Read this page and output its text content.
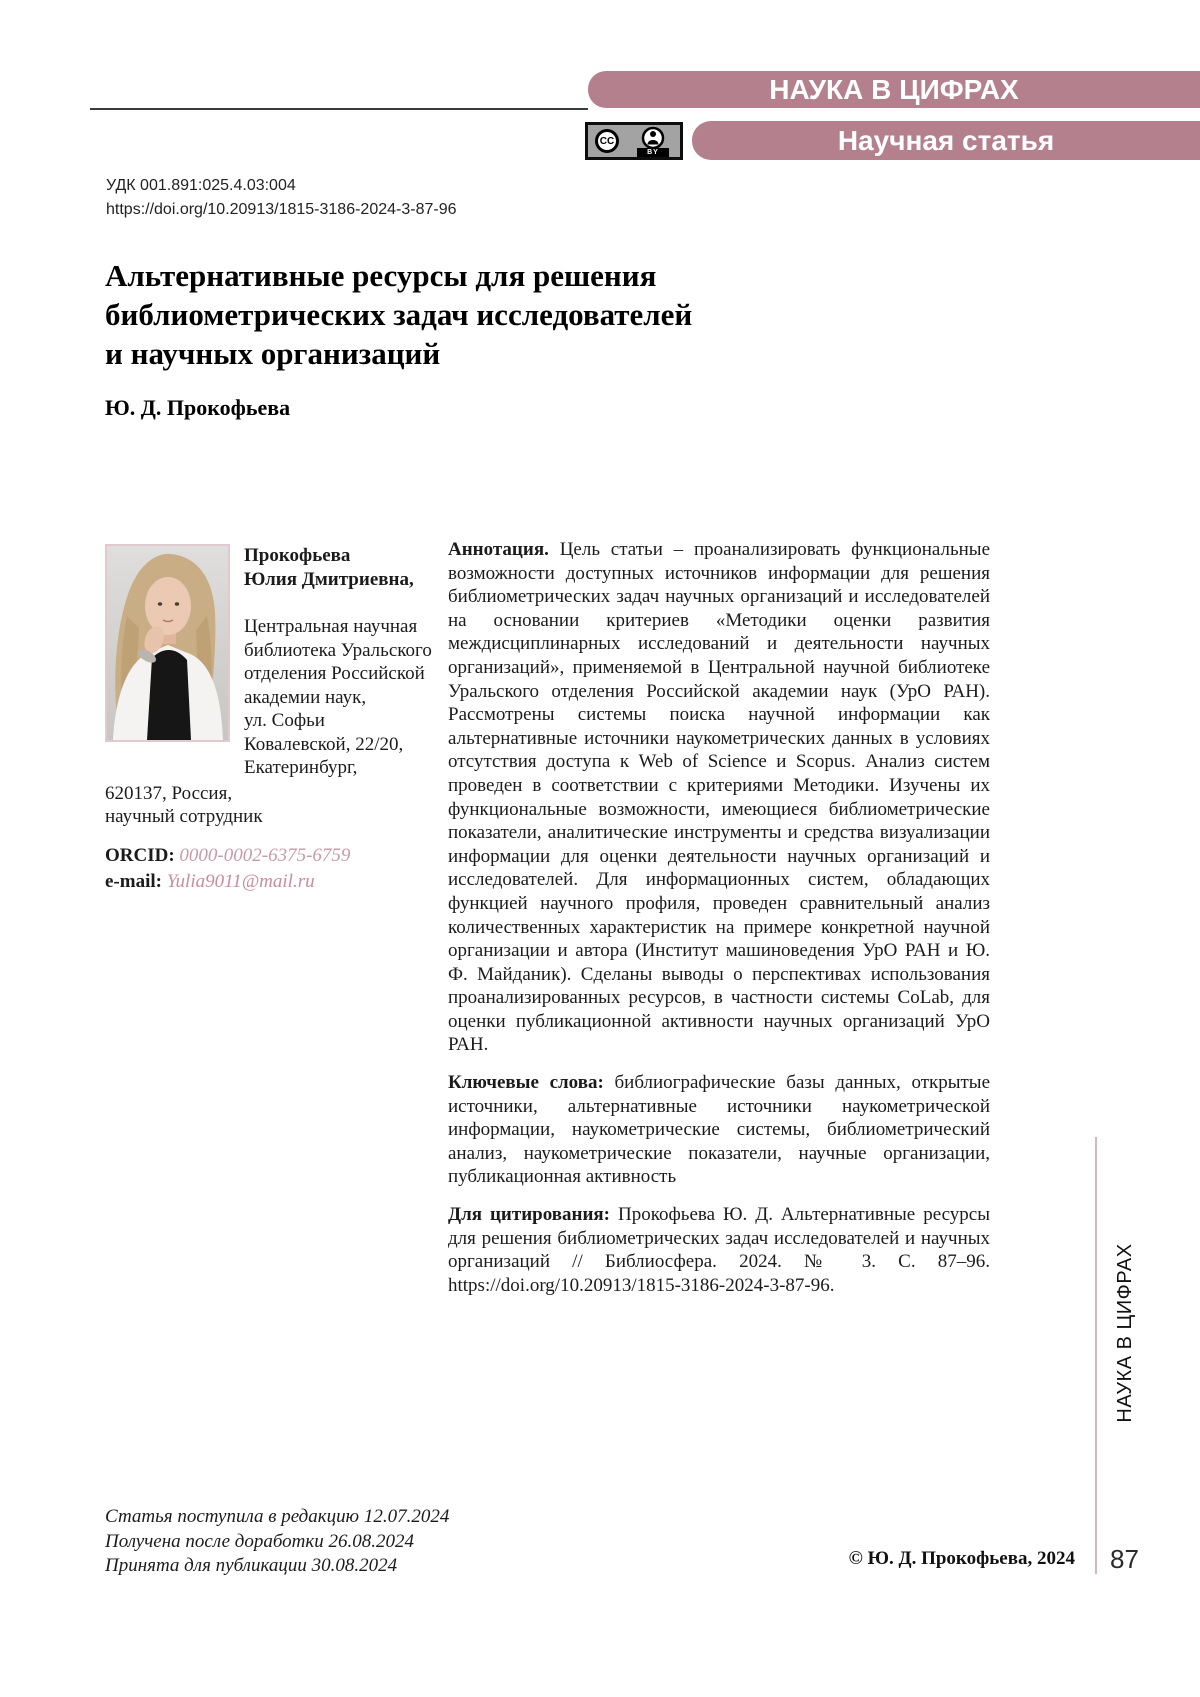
НАУКА В ЦИФРАХ
CC
BY	Научная статья
УДК 001.891:025.4.03:004
https://doi.org/10.20913/1815-3186-2024-3-87-96
Альтернативные ресурсы для решения
библиометрических задач исследователей
и научных организаций
Ю. Д. Прокофьева
Прокофьева
Юлия Дмитриевна,
Центральная научная
библиотека Уральского
отделения Российской
академии наук,
ул. Софьи
Ковалевской, 22/20,
Екатеринбург,
620137, Россия,
научный сотрудник
ORCID: 0000-0002-6375-6759
e-mail: Yulia9011@mail.ru

Аннотация. Цель статьи – проанализировать функциональные возможности доступных источников информации для решения библиометрических задач научных организаций и исследователей на основании критериев «Методики оценки развития междисциплинарных исследований и деятельности научных организаций», применяемой в Центральной научной библиотеке Уральского отделения Российской академии наук (УрО РАН). Рассмотрены системы поиска научной информации как альтернативные источники наукометрических данных в условиях отсутствия доступа к Web of Science и Scopus. Анализ систем проведен в соответствии с критериями Методики. Изучены их функциональные возможности, имеющиеся библиометрические показатели, аналитические инструменты и средства визуализации информации для оценки деятельности научных организаций и исследователей. Для информационных систем, обладающих функцией научного профиля, проведен сравнительный анализ количественных характеристик на примере конкретной научной организации и автора (Институт машиноведения УрО РАН и Ю. Ф. Майданик). Сделаны выводы о перспективах использования проанализированных ресурсов, в частности системы CoLab, для оценки публикационной активности научных организаций УрО РАН.

Ключевые слова: библиографические базы данных, открытые источники, альтернативные источники наукометрической информации, наукометрические системы, библиометрический анализ, наукометрические показатели, научные организации, публикационная активность

Для цитирования: Прокофьева Ю. Д. Альтернативные ресурсы для решения библиометрических задач исследователей и научных организаций // Библиосфера. 2024. № 3. С. 87–96. https://doi.org/10.20913/1815-3186-2024-3-87-96.

Статья поступила в редакцию 12.07.2024
Получена после доработки 26.08.2024
Принята для публикации 30.08.2024	© Ю. Д. Прокофьева, 2024
НАУКА В ЦИФРАХ
87
